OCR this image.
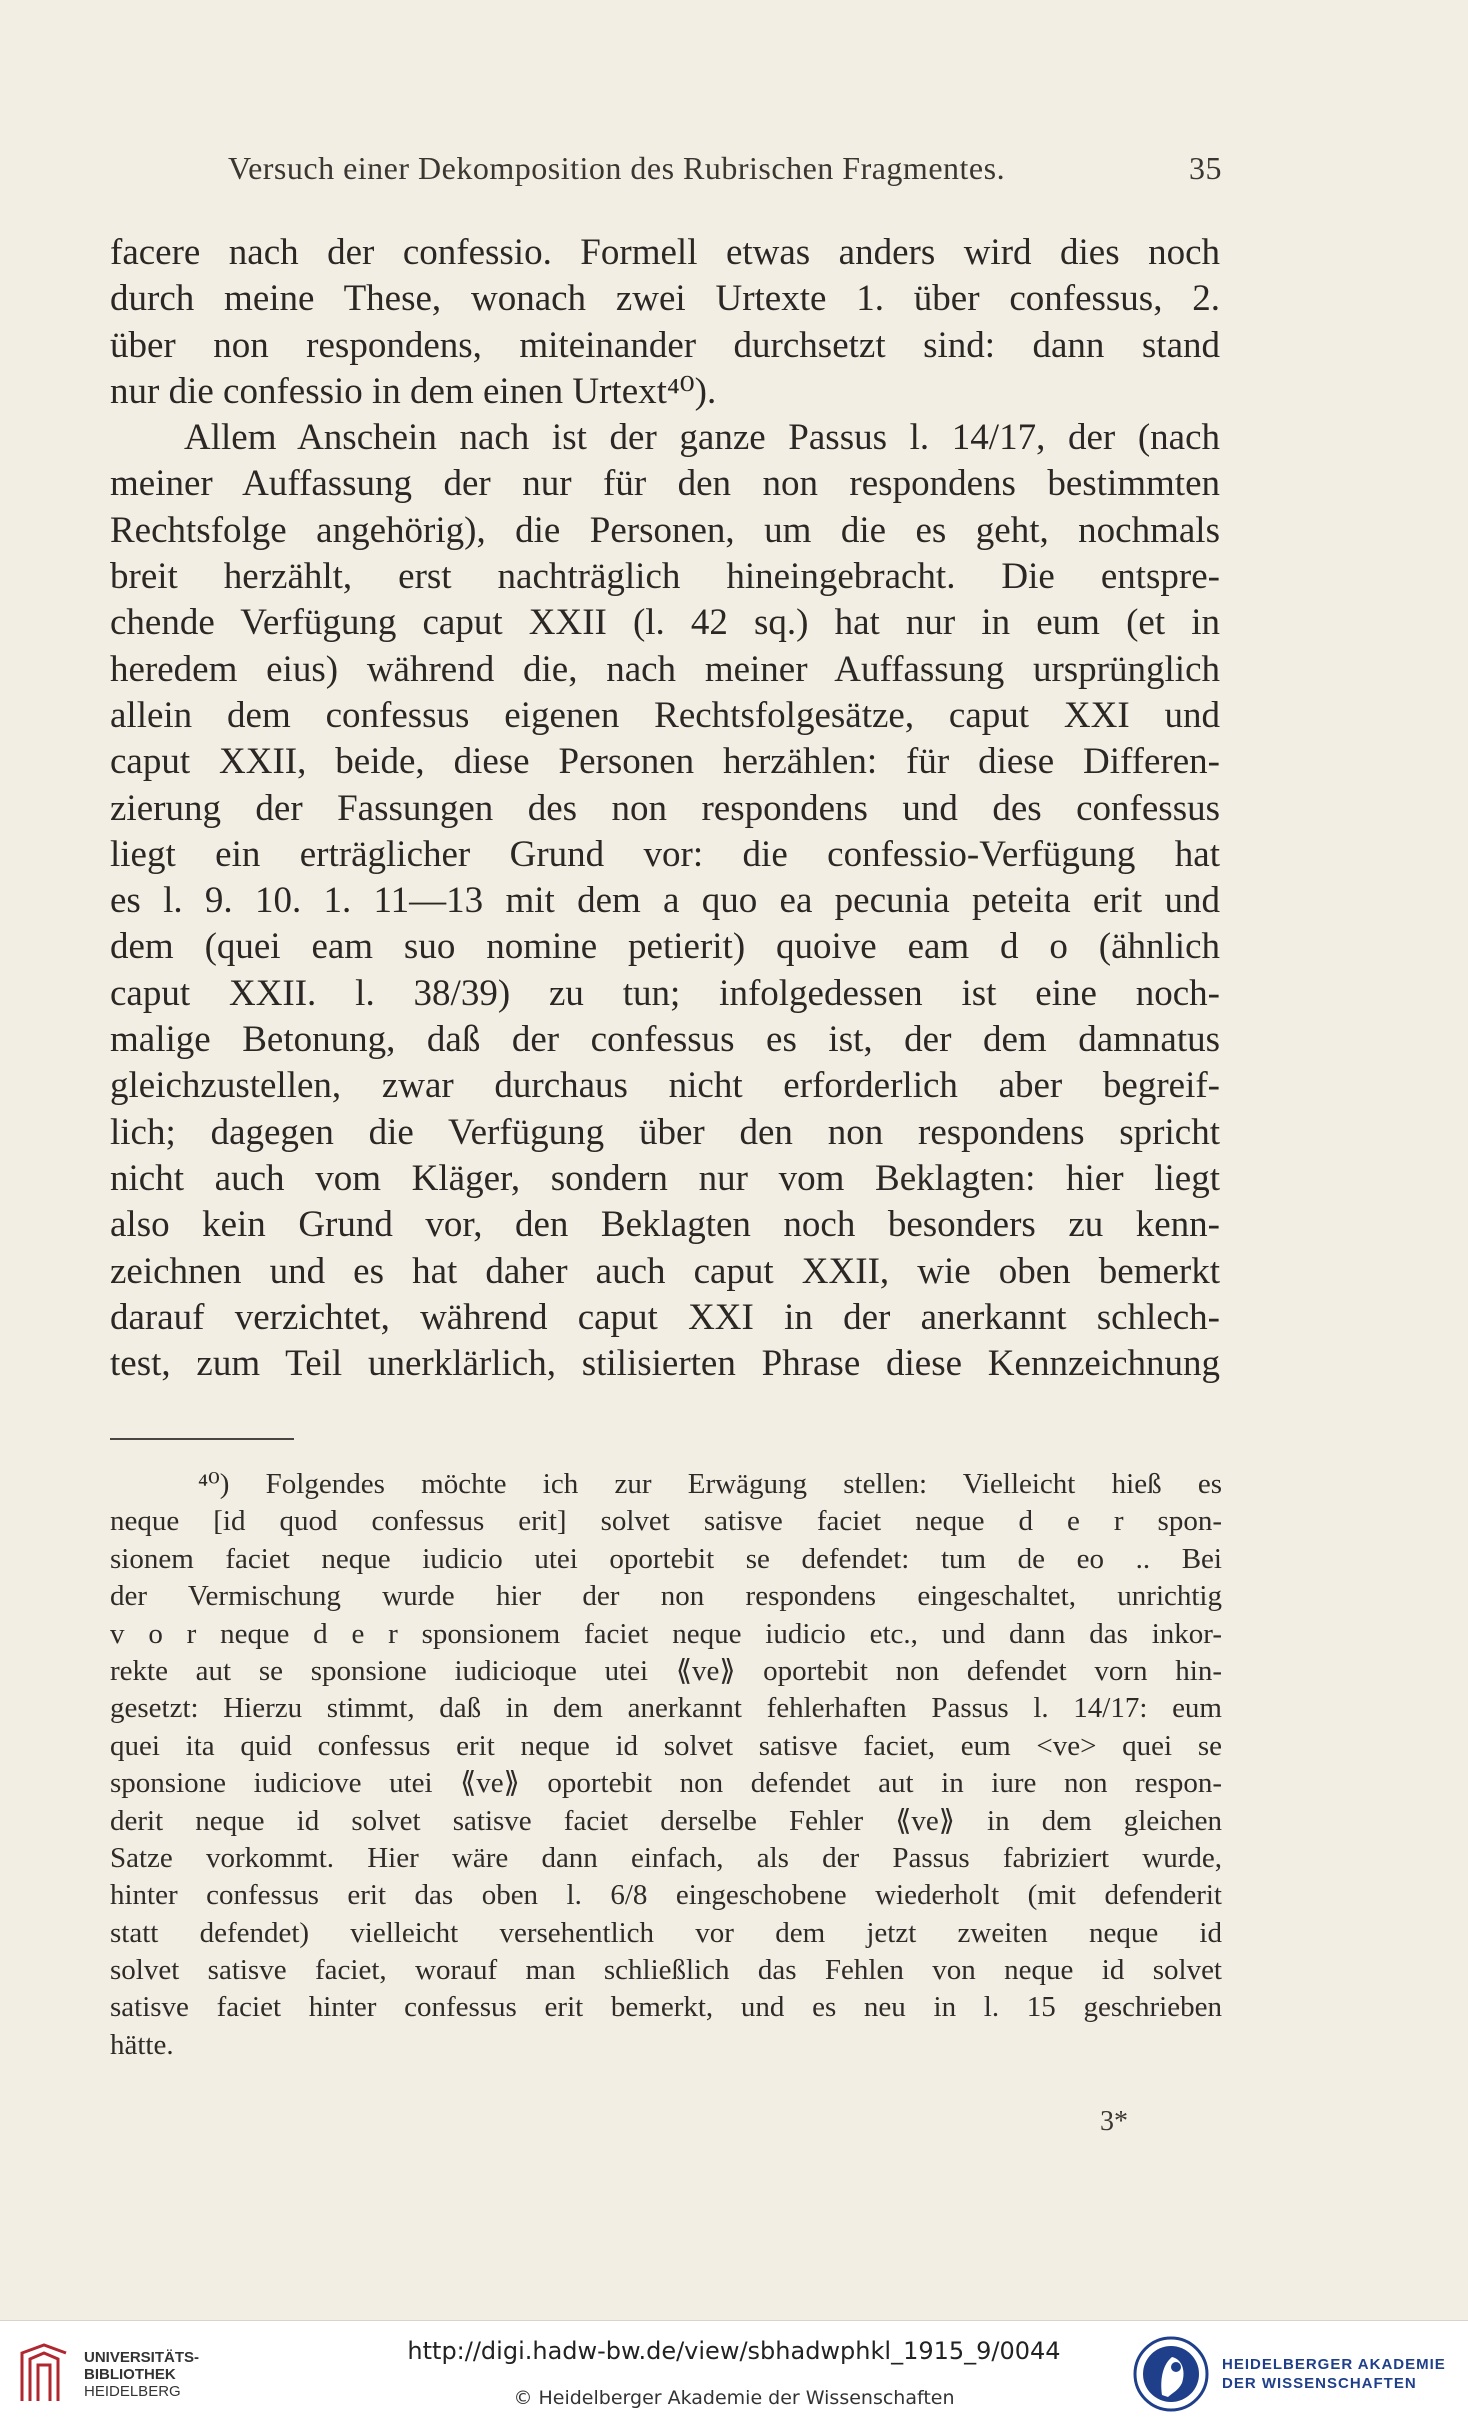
Versuch einer Dekomposition des Rubrischen Fragmentes.	35
facere nach der confessio. Formell etwas anders wird dies noch
durch meine These, wonach zwei Urtexte 1. über confessus, 2.
über non respondens, miteinander durchsetzt sind: dann stand
nur die confessio in dem einen Urtext⁴⁰).
Allem Anschein nach ist der ganze Passus l. 14/17, der (nach
meiner Auffassung der nur für den non respondens bestimmten
Rechtsfolge angehörig), die Personen, um die es geht, nochmals
breit herzählt, erst nachträglich hineingebracht. Die entspre-
chende Verfügung caput XXII (l. 42 sq.) hat nur in eum (et in
heredem eius) während die, nach meiner Auffassung ursprünglich
allein dem confessus eigenen Rechtsfolgesätze, caput XXI und
caput XXII, beide, diese Personen herzählen: für diese Differen-
zierung der Fassungen des non respondens und des confessus
liegt ein erträglicher Grund vor: die confessio-Verfügung hat
es l. 9. 10. 1. 11—13 mit dem a quo ea pecunia peteita erit und
dem (quei eam suo nomine petierit) quoive eam d o (ähnlich
caput XXII. l. 38/39) zu tun; infolgedessen ist eine noch-
malige Betonung, daß der confessus es ist, der dem damnatus
gleichzustellen, zwar durchaus nicht erforderlich aber begreif-
lich; dagegen die Verfügung über den non respondens spricht
nicht auch vom Kläger, sondern nur vom Beklagten: hier liegt
also kein Grund vor, den Beklagten noch besonders zu kenn-
zeichnen und es hat daher auch caput XXII, wie oben bemerkt
darauf verzichtet, während caput XXI in der anerkannt schlech-
test, zum Teil unerklärlich, stilisierten Phrase diese Kennzeichnung
⁴⁰) Folgendes möchte ich zur Erwägung stellen: Vielleicht hieß es
neque [id quod confessus erit] solvet satisve faciet neque d e r spon-
sionem faciet neque iudicio utei oportebit se defendet: tum de eo .. Bei
der Vermischung wurde hier der non respondens eingeschaltet, unrichtig
v o r neque d e r sponsionem faciet neque iudicio etc., und dann das inkor-
rekte aut se sponsione iudicioque utei ⟪ve⟫ oportebit non defendet vorn hin-
gesetzt: Hierzu stimmt, daß in dem anerkannt fehlerhaften Passus l. 14/17: eum
quei ita quid confessus erit neque id solvet satisve faciet, eum <ve> quei se
sponsione iudiciove utei ⟪ve⟫ oportebit non defendet aut in iure non respon-
derit neque id solvet satisve faciet derselbe Fehler ⟪ve⟫ in dem gleichen
Satze vorkommt. Hier wäre dann einfach, als der Passus fabriziert wurde,
hinter confessus erit das oben l. 6/8 eingeschobene wiederholt (mit defenderit
statt defendet) vielleicht versehentlich vor dem jetzt zweiten neque id
solvet satisve faciet, worauf man schließlich das Fehlen von neque id solvet
satisve faciet hinter confessus erit bemerkt, und es neu in l. 15 geschrieben
hätte.
3*
UNIVERSITÄTS-
BIBLIOTHEK
HEIDELBERG
http://digi.hadw-bw.de/view/sbhadwphkl_1915_9/0044
© Heidelberger Akademie der Wissenschaften
HEIDELBERGER AKADEMIE
DER WISSENSCHAFTEN
